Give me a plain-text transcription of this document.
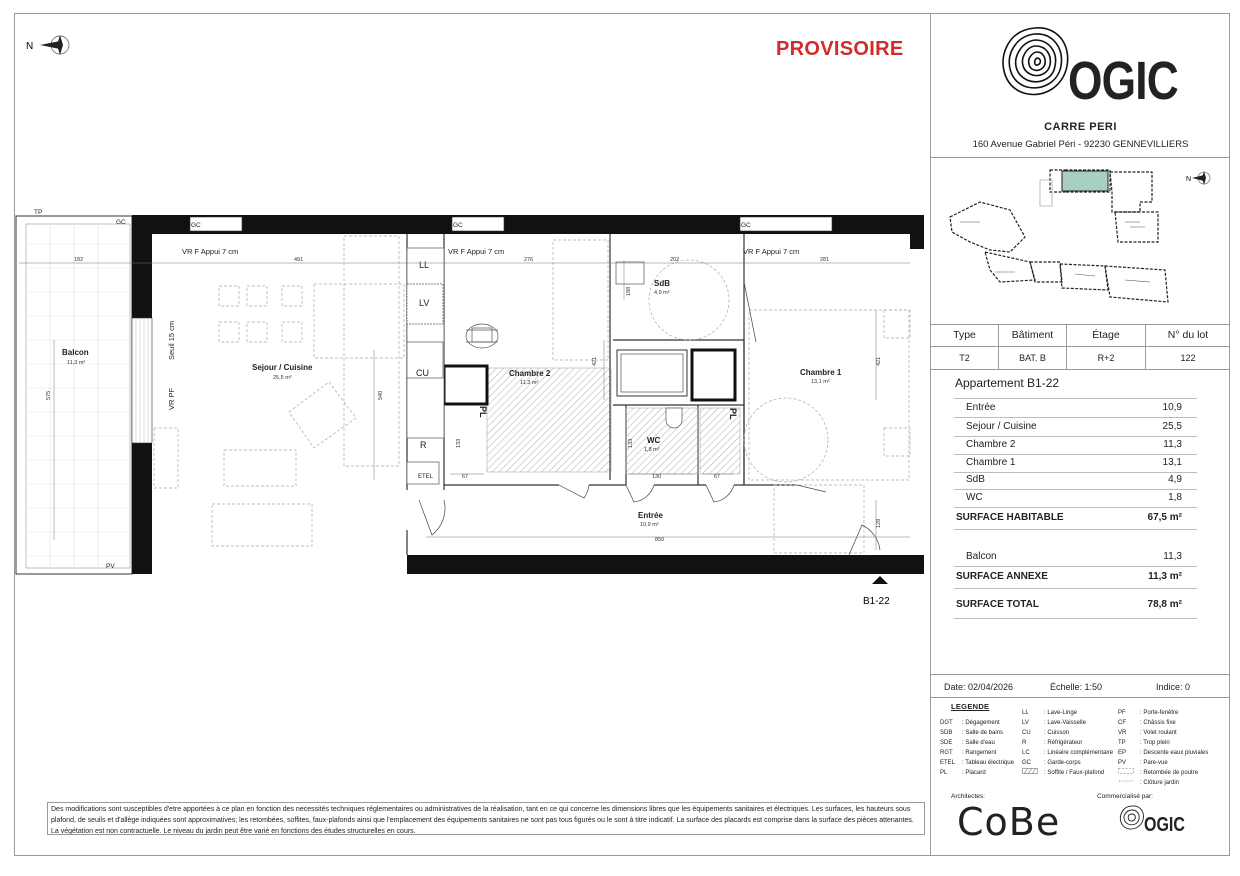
PROVISOIRE
N
OGIC
CARRE PERI
160 Avenue Gabriel Péri - 92230 GENNEVILLIERS
N
Type	Bâtiment	Étage	N° du lot
T2	BAT. B	R+2	122
Appartement B1-22
Entrée	10,9
Sejour / Cuisine	25,5
Chambre 2	11,3
Chambre 1	13,1
SdB	4,9
WC	1,8
SURFACE HABITABLE	67,5 m²
Balcon	11,3
SURFACE ANNEXE	11,3 m²
SURFACE TOTAL	78,8 m²
Date: 02/04/2026	Échelle: 1:50	Indice: 0
LEGENDE
DGT : Dégagement
SDB : Salle de bains
SDE : Salle d'eau
RGT : Rangement
ETEL : Tableau électrique
PL : Placard
LL	: Lave-Linge
LV	: Lave-Vaisselle
CU : Cuisson
R	: Réfrigérateur
LC : Linéaire complémentaire
GC : Garde-corps
: Soffite / Faux-plafond
PF : Porte-fenêtre
CF : Châssis fixe
VR : Volet roulant
TP : Trop plein
EP : Descente eaux pluviales
PV : Pare-vue
: Retombée de poutre
: Clôture jardin
Architectes:	Commercialisé par:
CoBe	OGIC
Des modifications sont susceptibles d'etre apportées à ce plan en fonction des necessités techniques réglementaires ou administratives de la réalisation, tant en ce qui concerne les dimensions libres que les équipements sanitaires et électriques. Les surfaces, les hauteurs sous plafond, de seuils et d'allège indiquées sont approximatives; les retombées, soffites, faux-plafonds ainsi que l'emplacement des équipements sanitaires ne sont pas tous figurés ou le sont à titre indicatif. La surface des placards est comprise dans la surface des pièces attenantes. La végétation est non contractuelle. Le niveau du jardin peut être varié en fonctions des études structurelles en cours.
TP
GC
PV
GC	GC	GC
VR F Appui 7 cm	VR F Appui 7 cm	VR F Appui 7 cm
VR PF
Seuil 15 cm
PL	PL
LL
LV
CU
R
ETEL
182	491	276	202	281
575	540
421	421
188
133
133
67	130	67
850
128
Balcon
11,3 m²	Sejour / Cuisine
25,5 m²	Chambre 2
11,3 m²
SdB
4,9 m²
Chambre 1
13,1 m²
WC
1,8 m²
Entrée
10,9 m²
B1-22
